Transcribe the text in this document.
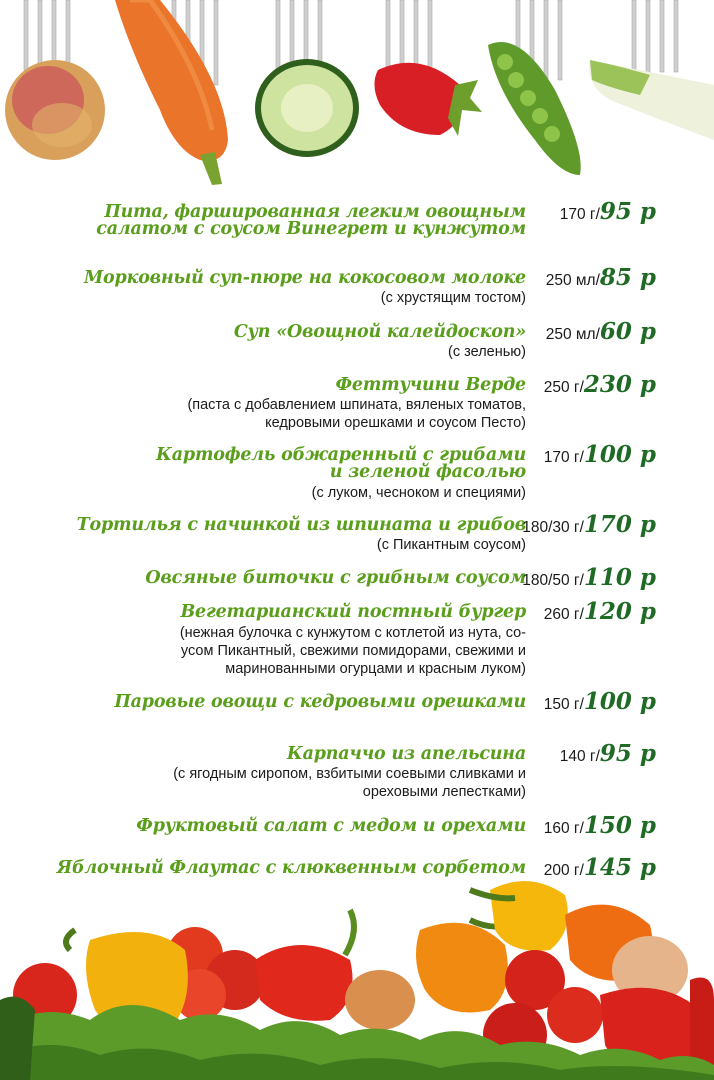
Пита, фаршированная легким овощным
салатом с соусом Винегрет и кунжутом
170 г/95 р
Морковный суп-пюре на кокосовом молоке
(с хрустящим тостом)
250 мл/85 р
Суп «Овощной калейдоскоп»
(с зеленью)
250 мл/60 р
Феттучини Верде
(паста с добавлением шпината, вяленых томатов,
кедровыми орешками и соусом Песто)
250 г/230 р
Картофель обжаренный с грибами
и зеленой фасолью
(с луком, чесноком и специями)
170 г/100 р
Тортилья с начинкой из шпината и грибов
(с Пикантным соусом)
180/30 г/170 р
Овсяные биточки с грибным соусом
180/50 г/110 р
Вегетарианский постный бургер
(нежная булочка с кунжутом с котлетой из нута, со-
усом Пикантный, свежими помидорами, свежими и
маринованными огурцами и красным луком)
260 г/120 р
Паровые овощи с кедровыми орешками 150 г/100 р
Карпаччо из апельсина
(с ягодным сиропом, взбитыми соевыми сливками и
ореховыми лепестками)
140 г/95 р
Фруктовый салат с медом и орехами 160 г/150 р
Яблочный Флаутас с клюквенным сорбетом 200 г/145 р
